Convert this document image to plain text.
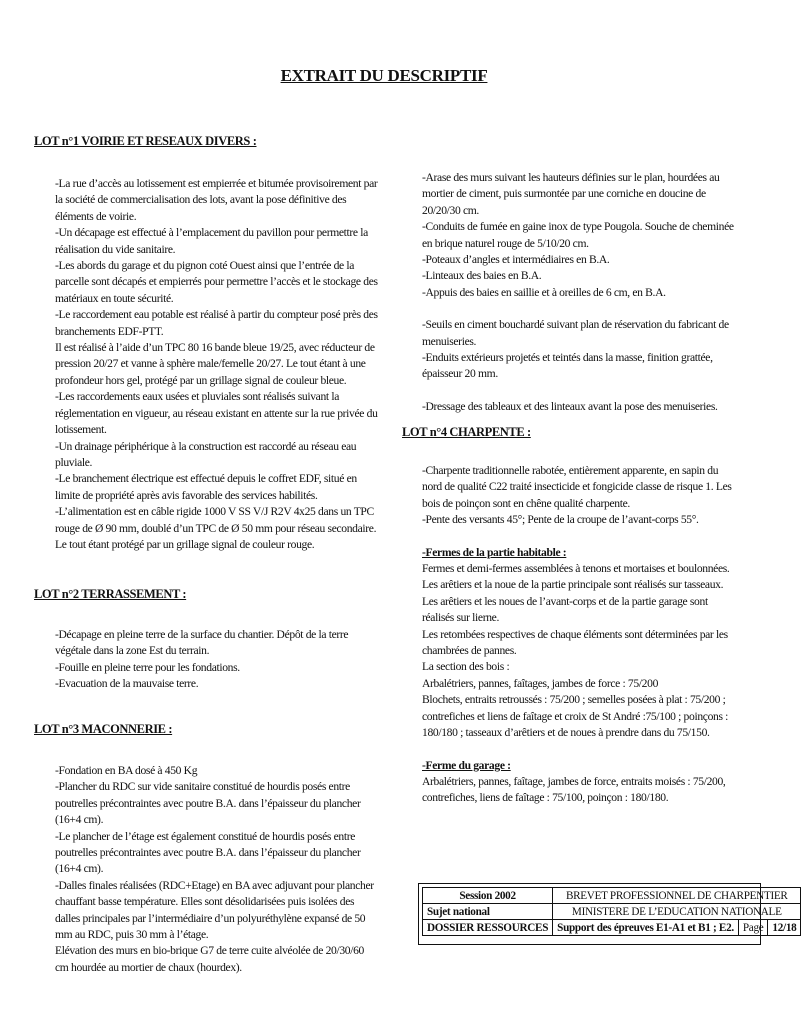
EXTRAIT DU DESCRIPTIF
LOT n°1 VOIRIE ET RESEAUX DIVERS :

-La rue d’accès au lotissement est empierrée et bitumée provisoirement par la société de commercialisation des lots, avant la pose définitive des éléments de voirie.

-Un décapage est effectué à l’emplacement du pavillon pour permettre la réalisation du vide sanitaire.

-Les abords du garage et du pignon coté Ouest ainsi que l’entrée de la parcelle sont décapés et empierrés pour permettre l’accès et le stockage des matériaux en toute sécurité.

-Le raccordement eau potable est réalisé à partir du compteur posé près des branchements EDF-PTT.

Il est réalisé à l’aide d’un TPC 80 16 bande bleue 19/25, avec réducteur de pression 20/27 et vanne à sphère male/femelle 20/27. Le tout étant à une profondeur hors gel, protégé par un grillage signal de couleur bleue.

-Les raccordements eaux usées et pluviales sont réalisés suivant la réglementation en vigueur, au réseau existant en attente sur la rue privée du lotissement.

-Un drainage périphérique à la construction est raccordé au réseau eau pluviale.

-Le branchement électrique est effectué depuis le coffret EDF, situé en limite de propriété après avis favorable des services habilités.

-L’alimentation est en câble rigide 1000 V SS V/J R2V 4x25 dans un TPC rouge de Ø 90 mm, doublé d’un TPC de Ø 50 mm pour réseau secondaire. Le tout étant protégé par un grillage signal de couleur rouge.

LOT n°2 TERRASSEMENT :

-Décapage en pleine terre de la surface du chantier. Dépôt de la terre végétale dans la zone Est du terrain.

-Fouille en pleine terre pour les fondations.

-Evacuation de la mauvaise terre.

LOT n°3 MACONNERIE :

-Fondation en BA dosé à 450 Kg

-Plancher du RDC sur vide sanitaire constitué de hourdis posés entre poutrelles précontraintes avec poutre B.A. dans l’épaisseur du plancher (16+4 cm).

-Le plancher de l’étage est également constitué de hourdis posés entre poutrelles précontraintes avec poutre B.A. dans l’épaisseur du plancher (16+4 cm).

-Dalles finales réalisées (RDC+Etage) en BA avec adjuvant pour plancher chauffant basse température. Elles sont désolidarisées puis isolées des dalles principales par l’intermédiaire d’un polyuréthylène expansé de 50 mm au RDC, puis 30 mm à l’étage.

Elévation des murs en bio-brique G7 de terre cuite alvéolée de 20/30/60 cm hourdée au mortier de chaux (hourdex).

-Arase des murs suivant les hauteurs définies sur le plan, hourdées au mortier de ciment, puis surmontée par une corniche en doucine de 20/20/30 cm.

-Conduits de fumée en gaine inox de type Pougola. Souche de cheminée en brique naturel rouge de 5/10/20 cm.

-Poteaux d’angles et intermédiaires en B.A.

-Linteaux des baies en B.A.

-Appuis des baies en saillie et à oreilles de 6 cm, en B.A.

-Seuils en ciment bouchardé suivant plan de réservation du fabricant de menuiseries.

-Enduits extérieurs projetés et teintés dans la masse, finition grattée, épaisseur 20 mm.

-Dressage des tableaux et des linteaux avant la pose des menuiseries.

LOT n°4 CHARPENTE :

-Charpente traditionnelle rabotée, entièrement apparente, en sapin du nord de qualité C22 traité insecticide et fongicide classe de risque 1. Les bois de poinçon sont en chêne qualité charpente.

-Pente des versants 45°; Pente de la croupe de l’avant-corps 55°.

-Fermes de la partie habitable :

Fermes et demi-fermes assemblées à tenons et mortaises et boulonnées.

Les arêtiers et la noue de la partie principale sont réalisés sur tasseaux.

Les arêtiers et les noues de l’avant-corps et de la partie garage sont réalisés sur lierne.

Les retombées respectives de chaque éléments sont déterminées par les chambrées de pannes.

La section des bois :

Arbalétriers, pannes, faîtages, jambes de force : 75/200

Blochets, entraits retroussés : 75/200 ; semelles posées à plat : 75/200 ; contrefiches et liens de faîtage et croix de St André :75/100 ; poinçons : 180/180 ; tasseaux d’arêtiers et de noues à prendre dans du 75/150.

-Ferme du garage :

Arbalétriers, pannes, faîtage, jambes de force, entraits moisés : 75/200, contrefiches, liens de faîtage : 75/100, poinçon : 180/180.

Session 2002	BREVET PROFESSIONNEL DE CHARPENTIER		
Sujet national	MINISTERE DE L’EDUCATION NATIONALE		
DOSSIER RESSOURCES	Support des épreuves E1-A1 et B1 ; E2.	Page	12/18
